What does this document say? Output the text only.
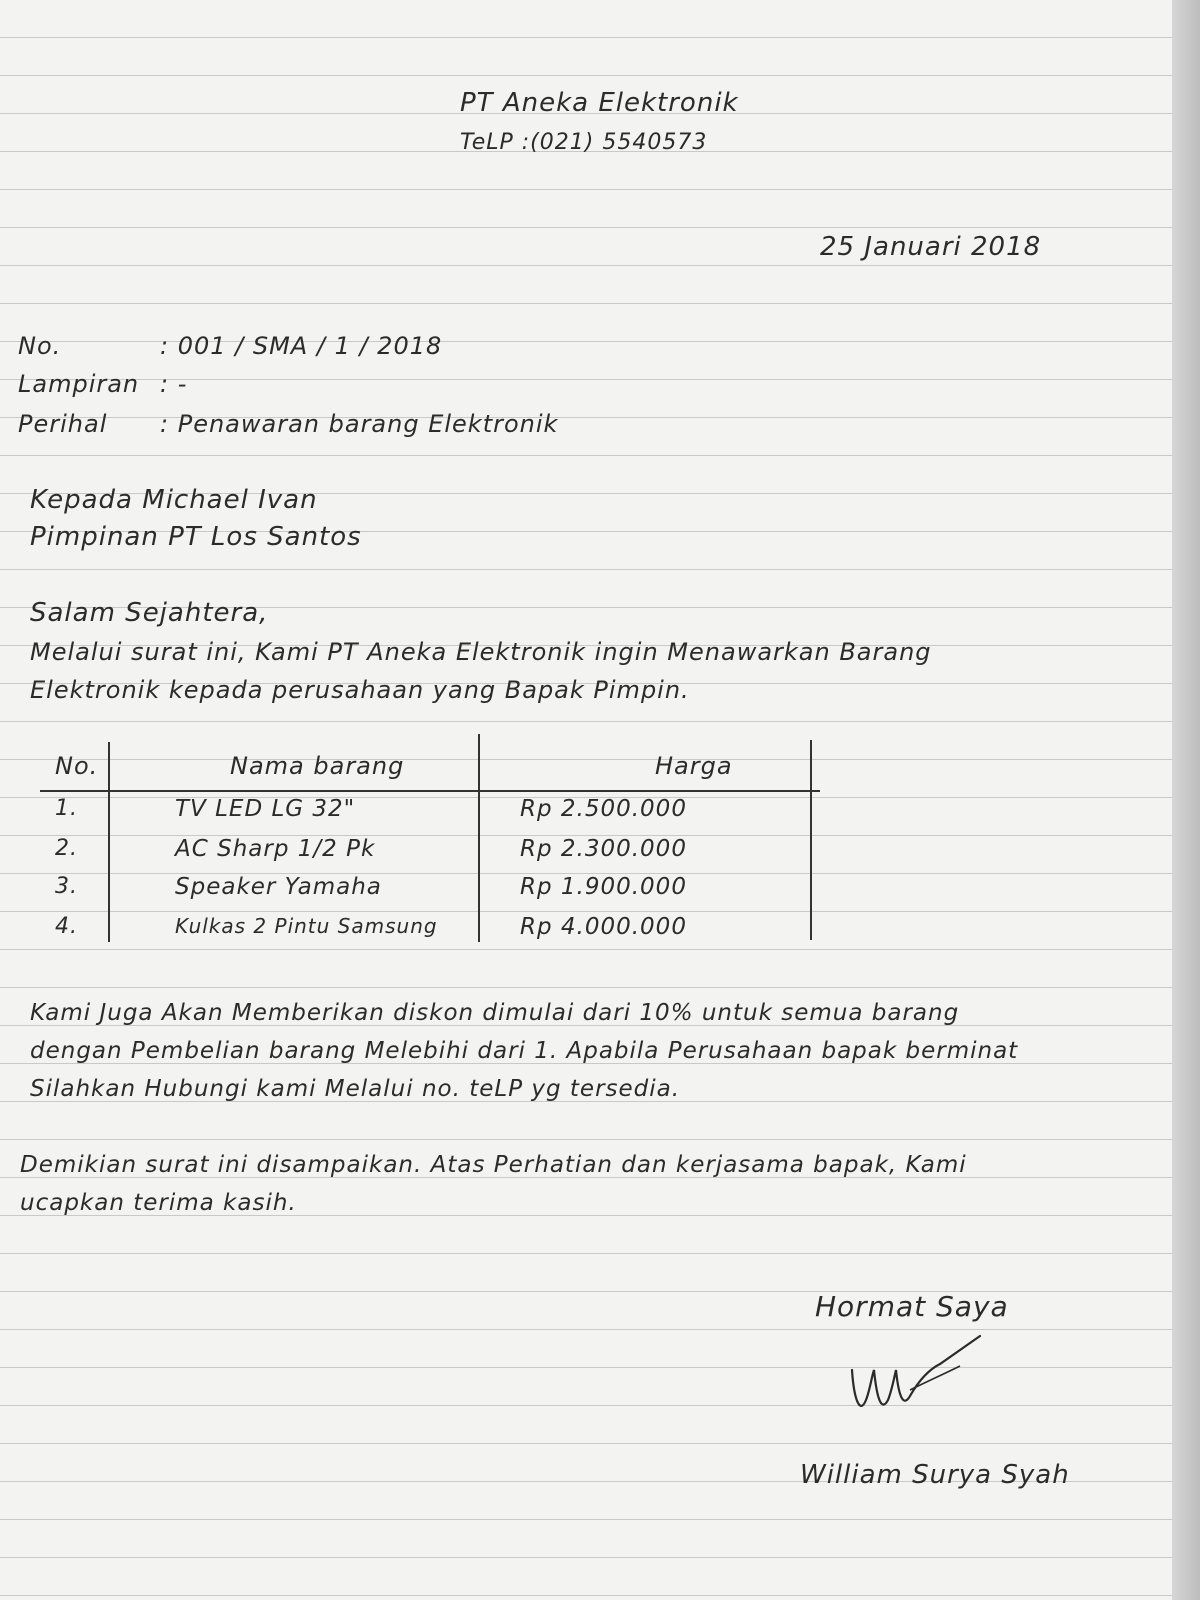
PT Aneka Elektronik
TeLP :(021) 5540573
25 Januari 2018
No.	: 001 / SMA / 1 / 2018
Lampiran : -
Perihal : Penawaran barang Elektronik
Kepada Michael Ivan
Pimpinan PT Los Santos
Salam Sejahtera,
Melalui surat ini, Kami PT Aneka Elektronik ingin Menawarkan Barang
Elektronik kepada perusahaan yang Bapak Pimpin.
No.	Nama barang	Harga
1.	TV LED LG 32"	Rp 2.500.000
2.	AC Sharp 1/2 Pk	Rp 2.300.000
3.	Speaker Yamaha	Rp 1.900.000
4.	Kulkas 2 Pintu Samsung	Rp 4.000.000
Kami Juga Akan Memberikan diskon dimulai dari 10% untuk semua barang
dengan Pembelian barang Melebihi dari 1. Apabila Perusahaan bapak berminat
Silahkan Hubungi kami Melalui no. teLP yg tersedia.
Demikian surat ini disampaikan. Atas Perhatian dan kerjasama bapak, Kami
ucapkan terima kasih.
Hormat Saya
William Surya Syah
